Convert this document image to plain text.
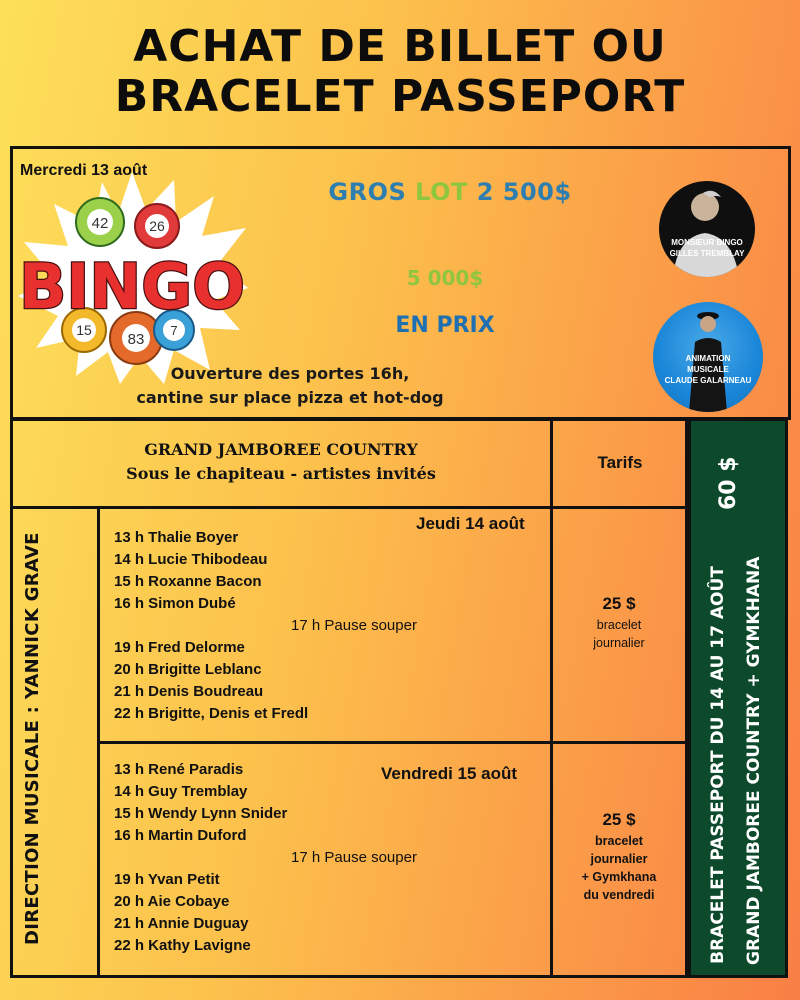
ACHAT DE BILLET OU
BRACELET PASSEPORT
Mercredi 13 août
42	26
15
83
7
BINGO
GROS LOT 2 500$
5 000$
EN PRIX
Ouverture des portes 16h,
cantine sur place pizza et hot-dog
MONSIEUR BINGO
GILLES TREMBLAY
ANIMATION
MUSICALE
CLAUDE GALARNEAU
GRAND JAMBOREE COUNTRY
Sous le chapiteau - artistes invités
Tarifs
DIRECTION MUSICALE : YANNICK GRAVE
Jeudi 14 août
13 h Thalie Boyer
14 h Lucie Thibodeau
15 h Roxanne Bacon
16 h Simon Dubé
17 h Pause souper
19 h Fred Delorme
20 h Brigitte Leblanc
21 h Denis Boudreau
22 h Brigitte, Denis et Fredl
25 $
bracelet
journalier
Vendredi 15 août
13 h René Paradis
14 h Guy Tremblay
15 h Wendy Lynn Snider
16 h Martin Duford
17 h Pause souper
19 h Yvan Petit
20 h Aie Cobaye
21 h Annie Duguay
22 h Kathy Lavigne
25 $
bracelet
journalier
+ Gymkhana
du vendredi
60 $
BRACELET PASSEPORT DU 14 AU 17 AOÛT GRAND JAMBOREE COUNTRY + GYMKHANA
